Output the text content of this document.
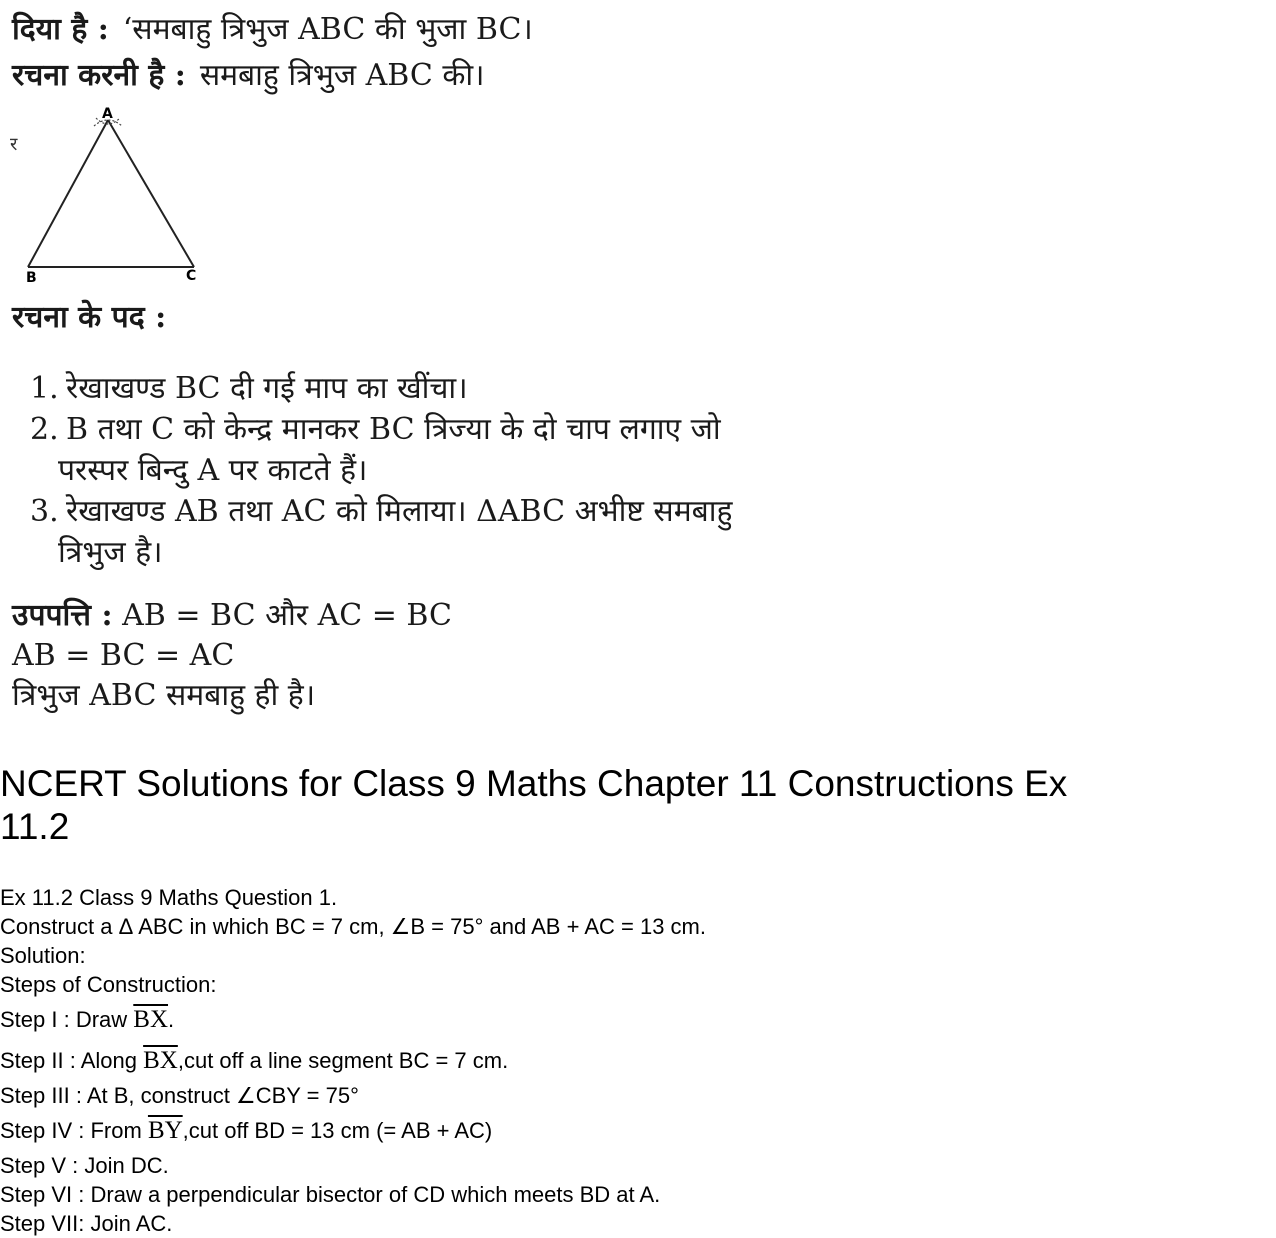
दिया है : ‘समबाहु त्रिभुज ABC की भुजा BC।
रचना करनी है : समबाहु त्रिभुज ABC की।
र
A
B	C
रचना के पद :
1. रेखाखण्ड BC दी गई माप का खींचा।
2. B तथा C को केन्द्र मानकर BC त्रिज्या के दो चाप लगाए जो
परस्पर बिन्दु A पर काटते हैं।
3. रेखाखण्ड AB तथा AC को मिलाया। ΔABC अभीष्ट समबाहु
त्रिभुज है।
उपपत्ति : AB = BC और AC = BC
AB = BC = AC
त्रिभुज ABC समबाहु ही है।
NCERT Solutions for Class 9 Maths Chapter 11 Constructions Ex 11.2
Ex 11.2 Class 9 Maths Question 1.
Construct a Δ ABC in which BC = 7 cm, ∠B = 75° and AB + AC = 13 cm.
Solution:
Steps of Construction:
Step I : Draw $\overline{BX}$.
Step II : Along $\overline{BX},cut$ off a line segment BC = 7 cm.
Step III : At B, construct ∠CBY = 75°
Step IV : From $\overline{BY},cut$ off BD = 13 cm (= AB + AC)
Step V : Join DC.
Step VI : Draw a perpendicular bisector of CD which meets BD at A.
Step VII: Join AC.
